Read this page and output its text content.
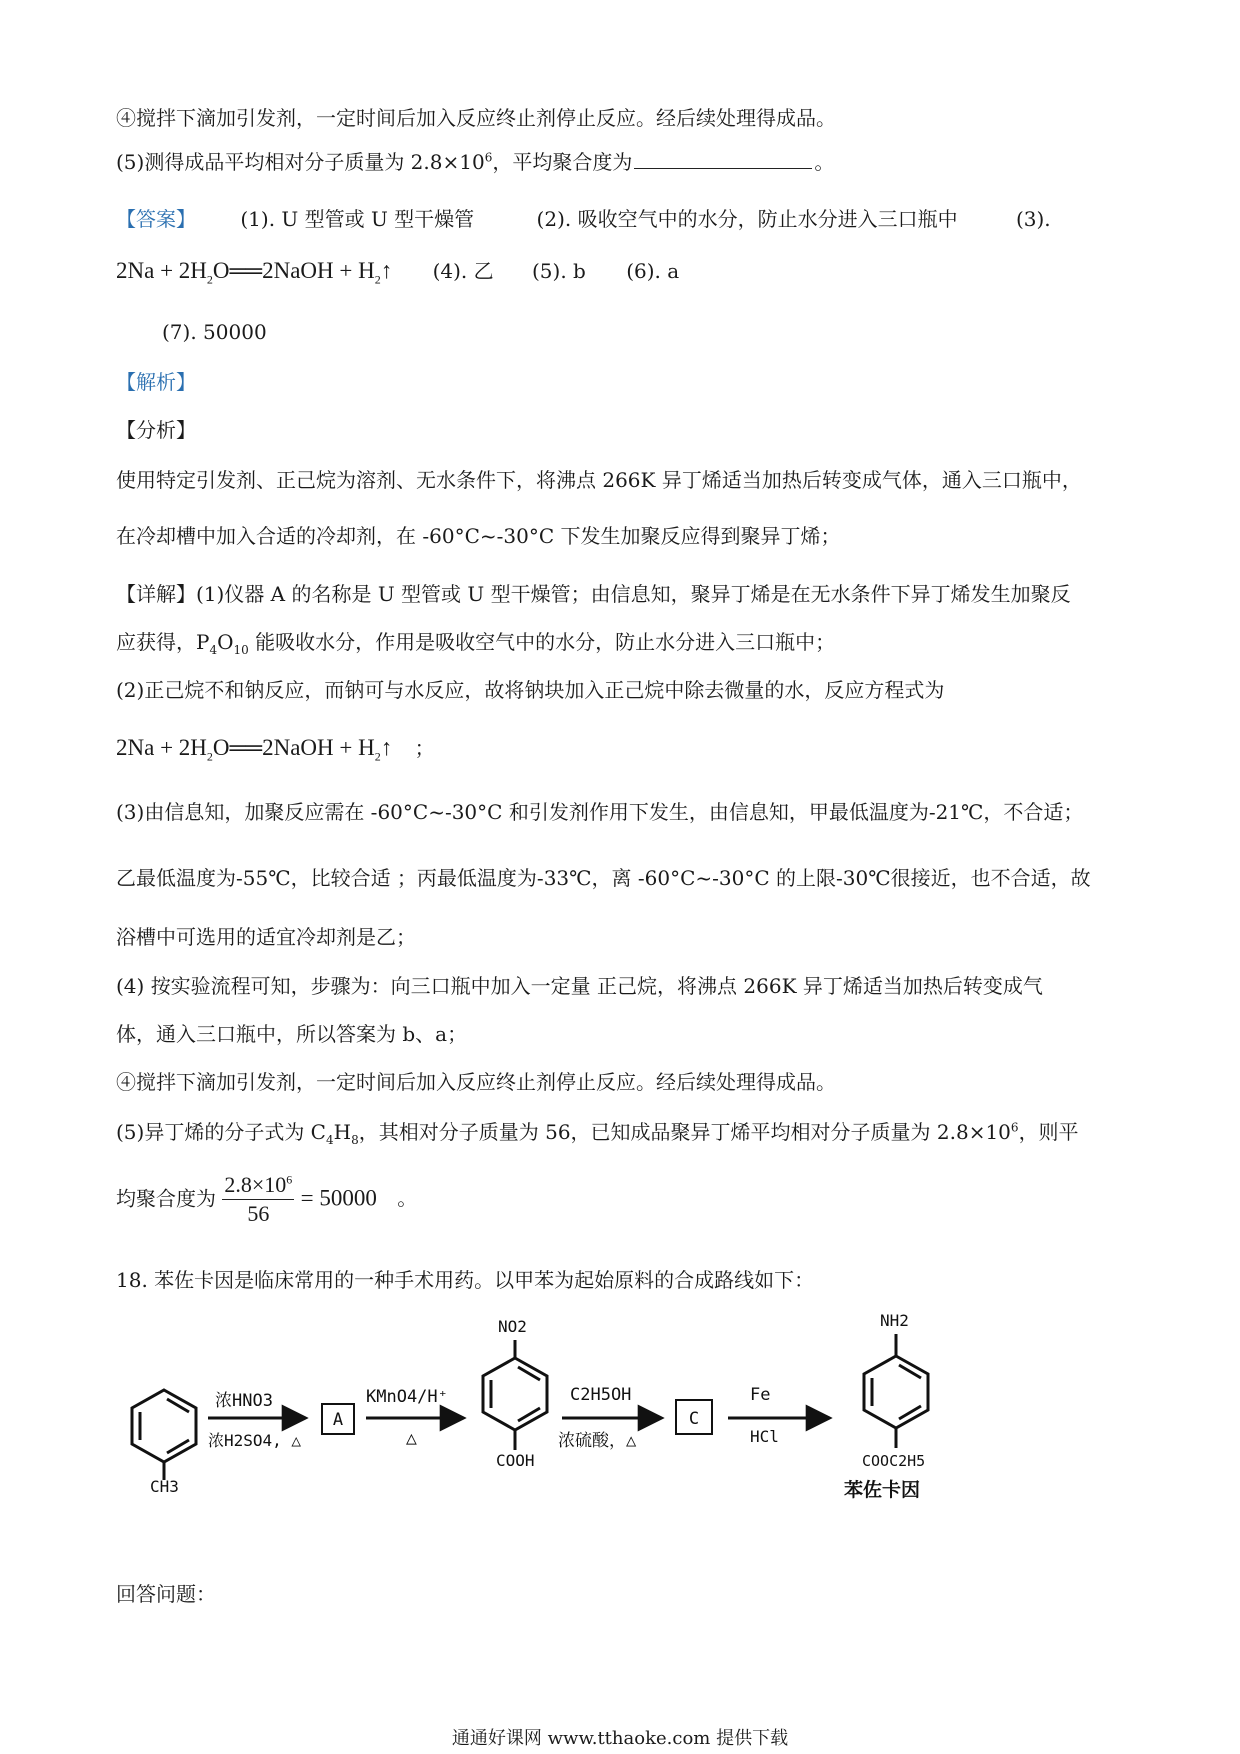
④搅拌下滴加引发剂，一定时间后加入反应终止剂停止反应。经后续处理得成品。
(5)测得成品平均相对分子质量为 $2.8\times 10^6$，平均聚合度为	。
【答案】 (1). U 型管或 U 型干燥管	(2). 吸收空气中的水分，防止水分进入三口瓶中	(3).
$2Na + 2H_2O══2NaOH$ + $H_2↑$ (4). 乙 (5). b (6). a
(7). 50000
【解析】
【分析】
使用特定引发剂、正己烷为溶剂、无水条件下，将沸点 266K 异丁烯适当加热后转变成气体，通入三口瓶中，
在冷却槽中加入合适的冷却剂，在 -60°C~-30°C 下发生加聚反应得到聚异丁烯；
【详解】(1)仪器 A 的名称是 U 型管或 U 型干燥管；由信息知，聚异丁烯是在无水条件下异丁烯发生加聚反
应获得，$P_4O_{10}$ 能吸收水分，作用是吸收空气中的水分，防止水分进入三口瓶中；
(2)正己烷不和钠反应，而钠可与水反应，故将钠块加入正己烷中除去微量的水，反应方程式为
$2Na + 2H_2O══2NaOH$ + $H_2↑$ ；
(3)由信息知，加聚反应需在 -60°C~-30°C 和引发剂作用下发生，由信息知，甲最低温度为-21℃，不合适；
乙最低温度为-55℃，比较合适 ；丙最低温度为-33℃，离 -60°C~-30°C 的上限-30℃很接近，也不合适，故
浴槽中可选用的适宜冷却剂是乙；
(4) 按实验流程可知，步骤为：向三口瓶中加入一定量 正己烷，将沸点 266K 异丁烯适当加热后转变成气
体，通入三口瓶中，所以答案为 b、a；
④搅拌下滴加引发剂，一定时间后加入反应终止剂停止反应。经后续处理得成品。
(5)异丁烯的分子式为 $C_4H_8$，其相对分子质量为 56，已知成品聚异丁烯平均相对分子质量为 $2.8\times 10^6$，则平
均聚合度为 $\frac{2.8\times 10^6}{56} = 50000$ 。
18. 苯佐卡因是临床常用的一种手术用药。以甲苯为起始原料的合成路线如下：
CH3
浓HNO3
浓H2SO4, △
A
KMnO4/H⁺
△
NO2
COOH
C2H5OH
浓硫酸，△
C
Fe
HCl
NH2
COOC2H5
苯佐卡因
回答问题：
通通好课网 www.tthaoke.com 提供下载
